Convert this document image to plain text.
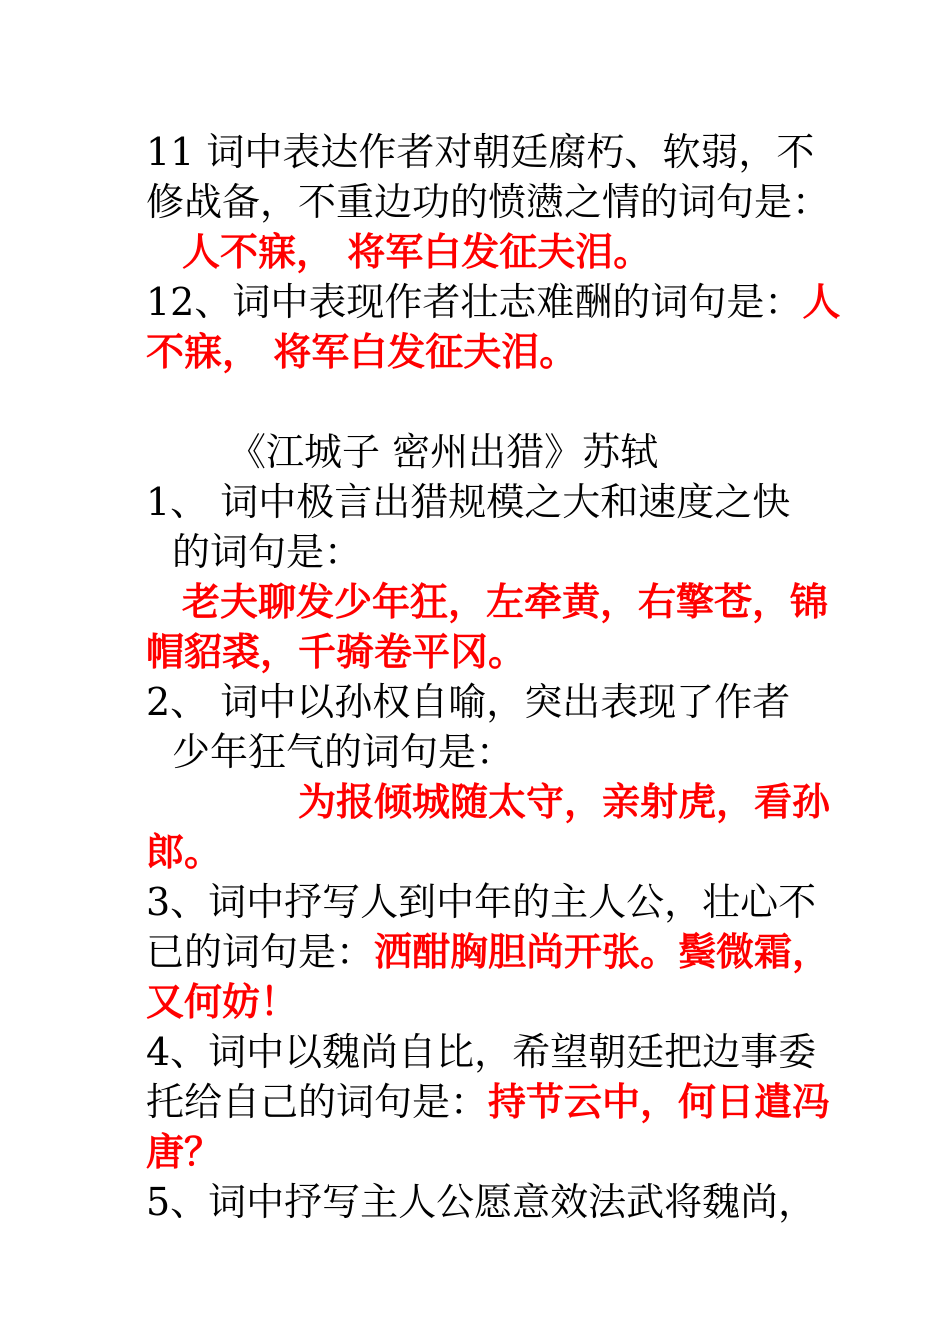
11 词中表达作者对朝廷腐朽、软弱，不
修战备，不重边功的愤懑之情的词句是：
人不寐， 将军白发征夫泪。
12、词中表现作者壮志难酬的词句是：人
不寐， 将军白发征夫泪。
《江城子 密州出猎》苏轼
1、 词中极言出猎规模之大和速度之快
的词句是：
老夫聊发少年狂，左牵黄，右擎苍，锦
帽貂裘，千骑卷平冈。
2、 词中以孙权自喻，突出表现了作者
少年狂气的词句是：
为报倾城随太守，亲射虎，看孙
郎。
3、词中抒写人到中年的主人公，壮心不
已的词句是：洒酣胸胆尚开张。鬓微霜，
又何妨！
4、词中以魏尚自比，希望朝廷把边事委
托给自己的词句是：持节云中，何日遣冯
唐？
5、词中抒写主人公愿意效法武将魏尚，
